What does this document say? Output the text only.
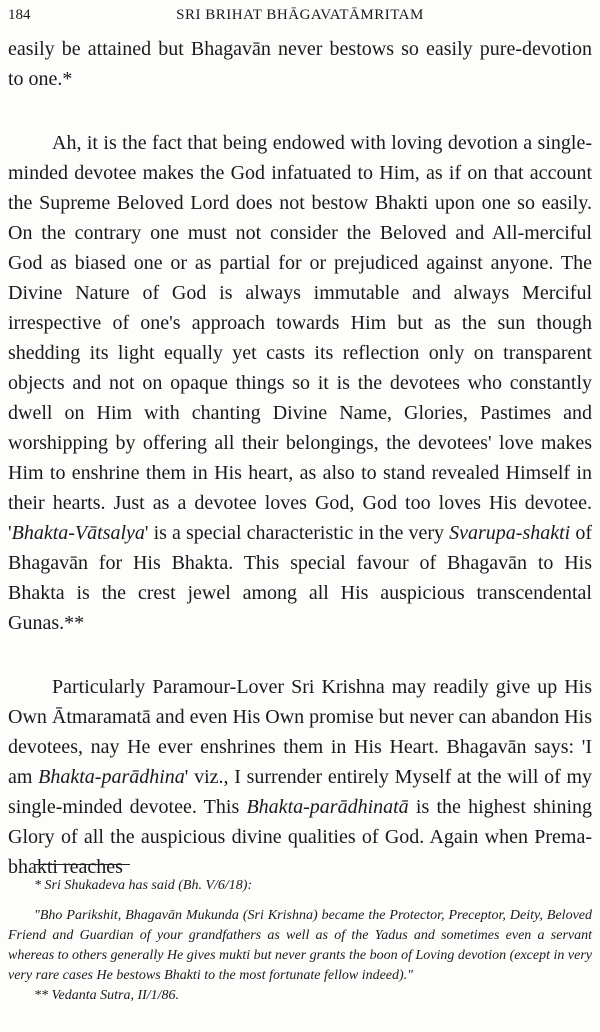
184	SRI BRIHAT BHĀGAVATĀMRITAM

easily be attained but Bhagavān never bestows so easily pure-devotion to one.*

Ah, it is the fact that being endowed with loving devotion a single-minded devotee makes the God infatuated to Him, as if on that account the Supreme Beloved Lord does not bestow Bhakti upon one so easily. On the contrary one must not consider the Beloved and All-merciful God as biased one or as partial for or prejudiced against anyone. The Divine Nature of God is always immutable and always Merciful irrespective of one's approach towards Him but as the sun though shedding its light equally yet casts its reflection only on transparent objects and not on opaque things so it is the devotees who constantly dwell on Him with chanting Divine Name, Glories, Pastimes and worshipping by offering all their belongings, the devotees' love makes Him to enshrine them in His heart, as also to stand revealed Himself in their hearts. Just as a devotee loves God, God too loves His devotee. 'Bhakta-Vātsalya' is a special characteristic in the very Svarupa-shakti of Bhagavān for His Bhakta. This special favour of Bhagavān to His Bhakta is the crest jewel among all His auspicious transcendental Gunas.**

Particularly Paramour-Lover Sri Krishna may readily give up His Own Ātmaramatā and even His Own promise but never can abandon His devotees, nay He ever enshrines them in His Heart. Bhagavān says: 'I am Bhakta-parādhina' viz., I surrender entirely Myself at the will of my single-minded devotee. This Bhakta-parādhinatā is the highest shining Glory of all the auspicious divine qualities of God. Again when Prema-bhakti reaches

* Sri Shukadeva has said (Bh. V/6/18):

"Bho Parikshit, Bhagavān Mukunda (Sri Krishna) became the Protector, Preceptor, Deity, Beloved Friend and Guardian of your grandfathers as well as of the Yadus and sometimes even a servant whereas to others generally He gives mukti but never grants the boon of Loving devotion (except in very very rare cases He bestows Bhakti to the most fortunate fellow indeed)."

** Vedanta Sutra, II/1/86.
